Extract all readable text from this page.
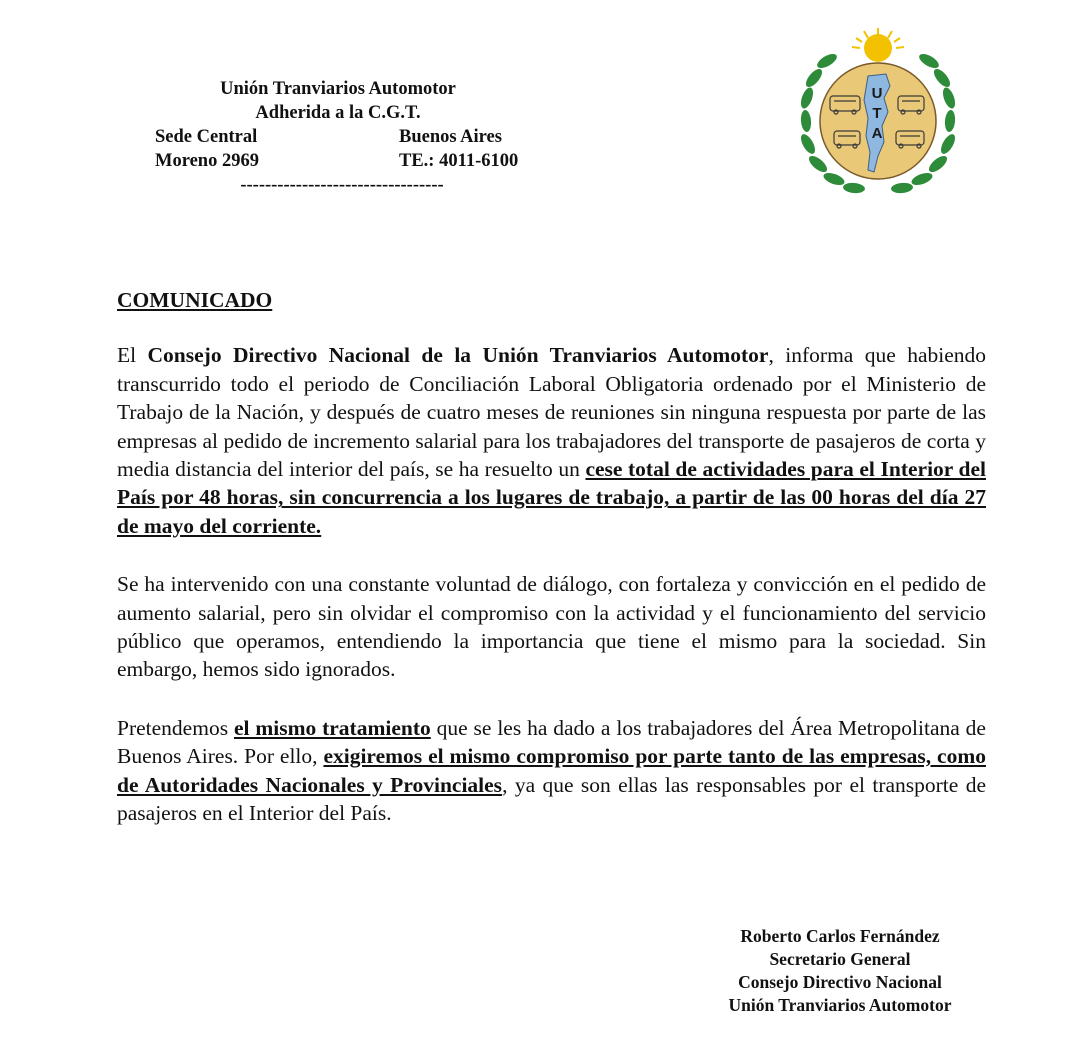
Unión Tranviarios Automotor
Adherida a la C.G.T.
Sede Central	Buenos Aires
Moreno 2969	TE.: 4011-6100
---------------------------------
U
T
A

COMUNICADO

El Consejo Directivo Nacional de la Unión Tranviarios Automotor, informa que habiendo transcurrido todo el periodo de Conciliación Laboral Obligatoria ordenado por el Ministerio de Trabajo de la Nación, y después de cuatro meses de reuniones sin ninguna respuesta por parte de las empresas al pedido de incremento salarial para los trabajadores del transporte de pasajeros de corta y media distancia del interior del país, se ha resuelto un cese total de actividades para el Interior del País por 48 horas, sin concurrencia a los lugares de trabajo, a partir de las 00 horas del día 27 de mayo del corriente.

Se ha intervenido con una constante voluntad de diálogo, con fortaleza y convicción en el pedido de aumento salarial, pero sin olvidar el compromiso con la actividad y el funcionamiento del servicio público que operamos, entendiendo la importancia que tiene el mismo para la sociedad. Sin embargo, hemos sido ignorados.

Pretendemos el mismo tratamiento que se les ha dado a los trabajadores del Área Metropolitana de Buenos Aires. Por ello, exigiremos el mismo compromiso por parte tanto de las empresas, como de Autoridades Nacionales y Provinciales, ya que son ellas las responsables por el transporte de pasajeros en el Interior del País.

Roberto Carlos Fernández
Secretario General
Consejo Directivo Nacional
Unión Tranviarios Automotor
